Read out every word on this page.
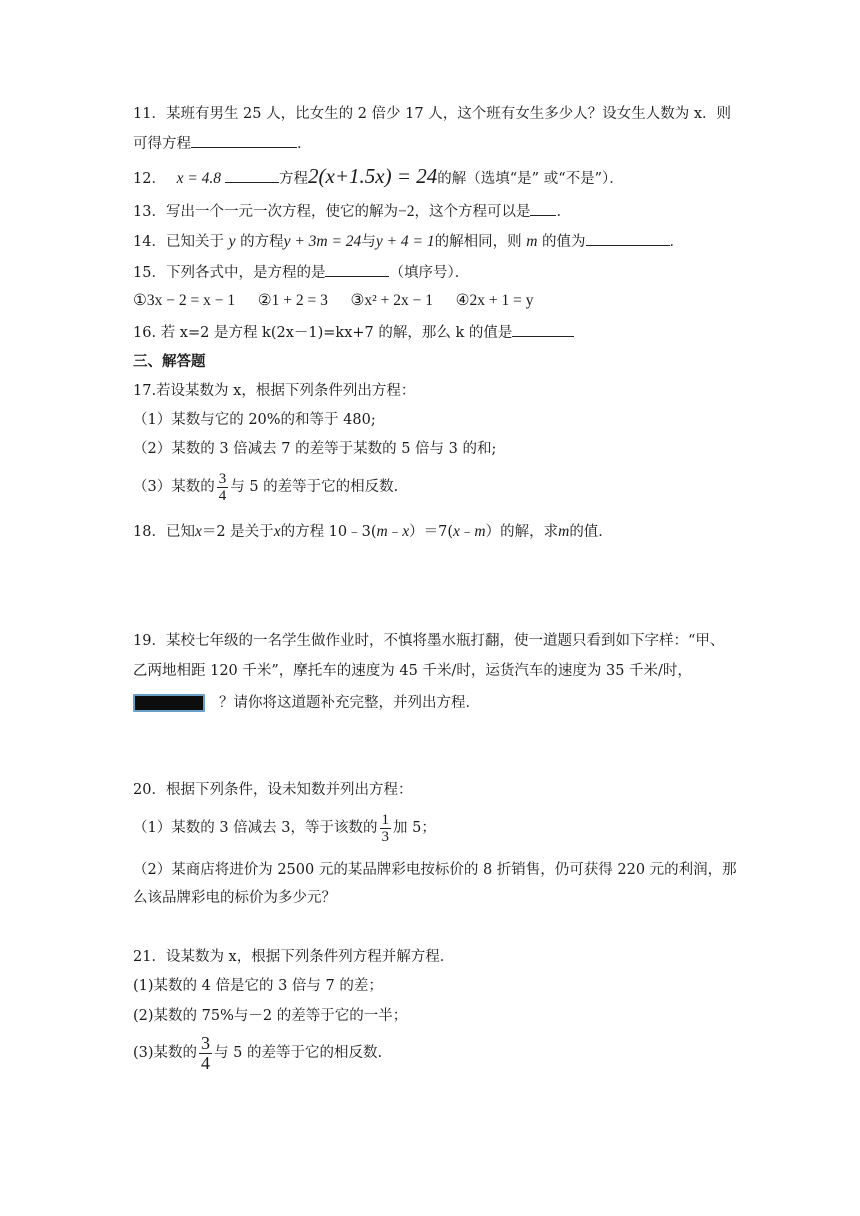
11．某班有男生 25 人，比女生的 2 倍少 17 人，这个班有女生多少人？设女生人数为 x．则
可得方程	．
12． x = 4.8	方程2(x+1.5x) = 24的解（选填“是” 或“不是”）．
13．写出一个一元一次方程，使它的解为−2，这个方程可以是 ．
14．已知关于 y 的方程y + 3m = 24与y + 4 = 1的解相同，则 m 的值为	．
15．下列各式中，是方程的是	（填序号）．
①3x − 2 = x − 1 ②1 + 2 = 3 ③x² + 2x − 1 ④2x + 1 = y
16. 若 x=2 是方程 k(2x－1)=kx+7 的解，那么 k 的值是
三、解答题
17.若设某数为 x，根据下列条件列出方程：
（1）某数与它的 20%的和等于 480;
（2）某数的 3 倍减去 7 的差等于某数的 5 倍与 3 的和;
（3）某数的 $\frac{3}{4}$ 与 5 的差等于它的相反数.
18．已知x＝2 是关于x的方程 10﹣3(m﹣x）＝7(x﹣m）的解，求m的值．
19．某校七年级的一名学生做作业时，不慎将墨水瓶打翻，使一道题只看到如下字样：“甲、
乙两地相距 120 千米”，摩托车的速度为 45 千米/时，运货汽车的速度为 35 千米/时，
？请你将这道题补充完整，并列出方程．
20．根据下列条件，设未知数并列出方程：
（1）某数的 3 倍减去 3，等于该数的 $\frac{1}{3}$ 加 5；
（2）某商店将进价为 2500 元的某品牌彩电按标价的 8 折销售，仍可获得 220 元的利润，那
么该品牌彩电的标价为多少元？
21．设某数为 x，根据下列条件列方程并解方程．
(1)某数的 4 倍是它的 3 倍与 7 的差；
(2)某数的 75%与－2 的差等于它的一半；
(3)某数的 $\frac{3}{4}$ 与 5 的差等于它的相反数.
